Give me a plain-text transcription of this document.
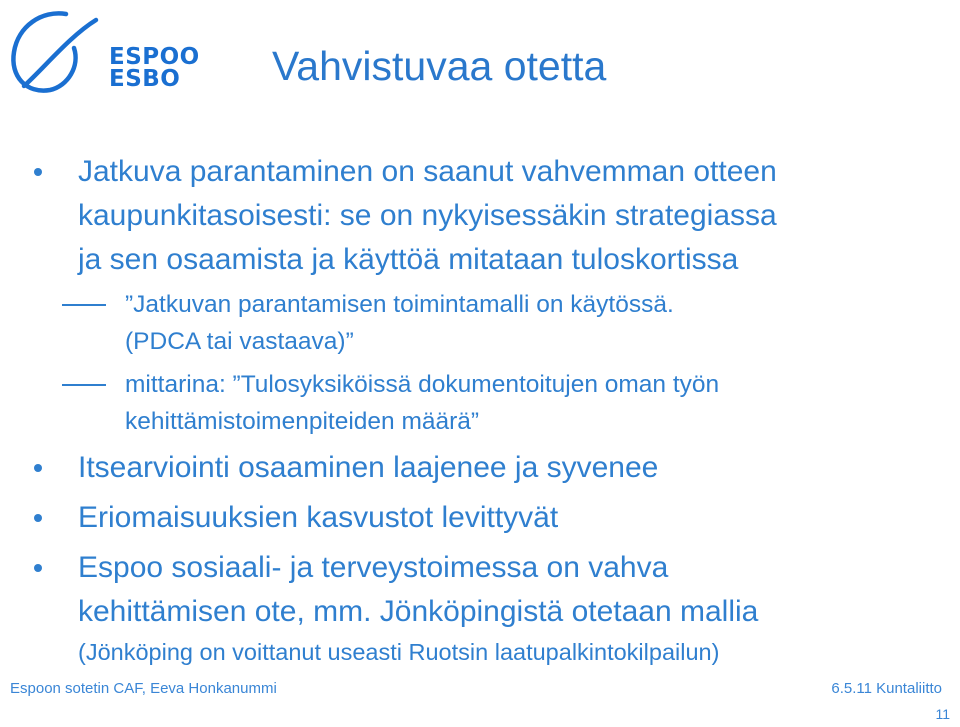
ESPOO
ESBO	Vahvistuvaa otetta
Jatkuva parantaminen on saanut vahvemman otteen
kaupunkitasoisesti: se on nykyisessäkin strategiassa
ja sen osaamista ja käyttöä mitataan tuloskortissa
”Jatkuvan parantamisen toimintamalli on käytössä.
(PDCA tai vastaava)”
mittarina: ”Tulosyksiköissä dokumentoitujen oman työn
kehittämistoimenpiteiden määrä”
Itsearviointi osaaminen laajenee ja syvenee
Eriomaisuuksien kasvustot levittyvät
Espoo sosiaali- ja terveystoimessa on vahva
kehittämisen ote, mm. Jönköpingistä otetaan mallia
(Jönköping on voittanut useasti Ruotsin laatupalkintokilpailun)
Espoon sotetin CAF, Eeva Honkanummi	6.5.11 Kuntaliitto
11
